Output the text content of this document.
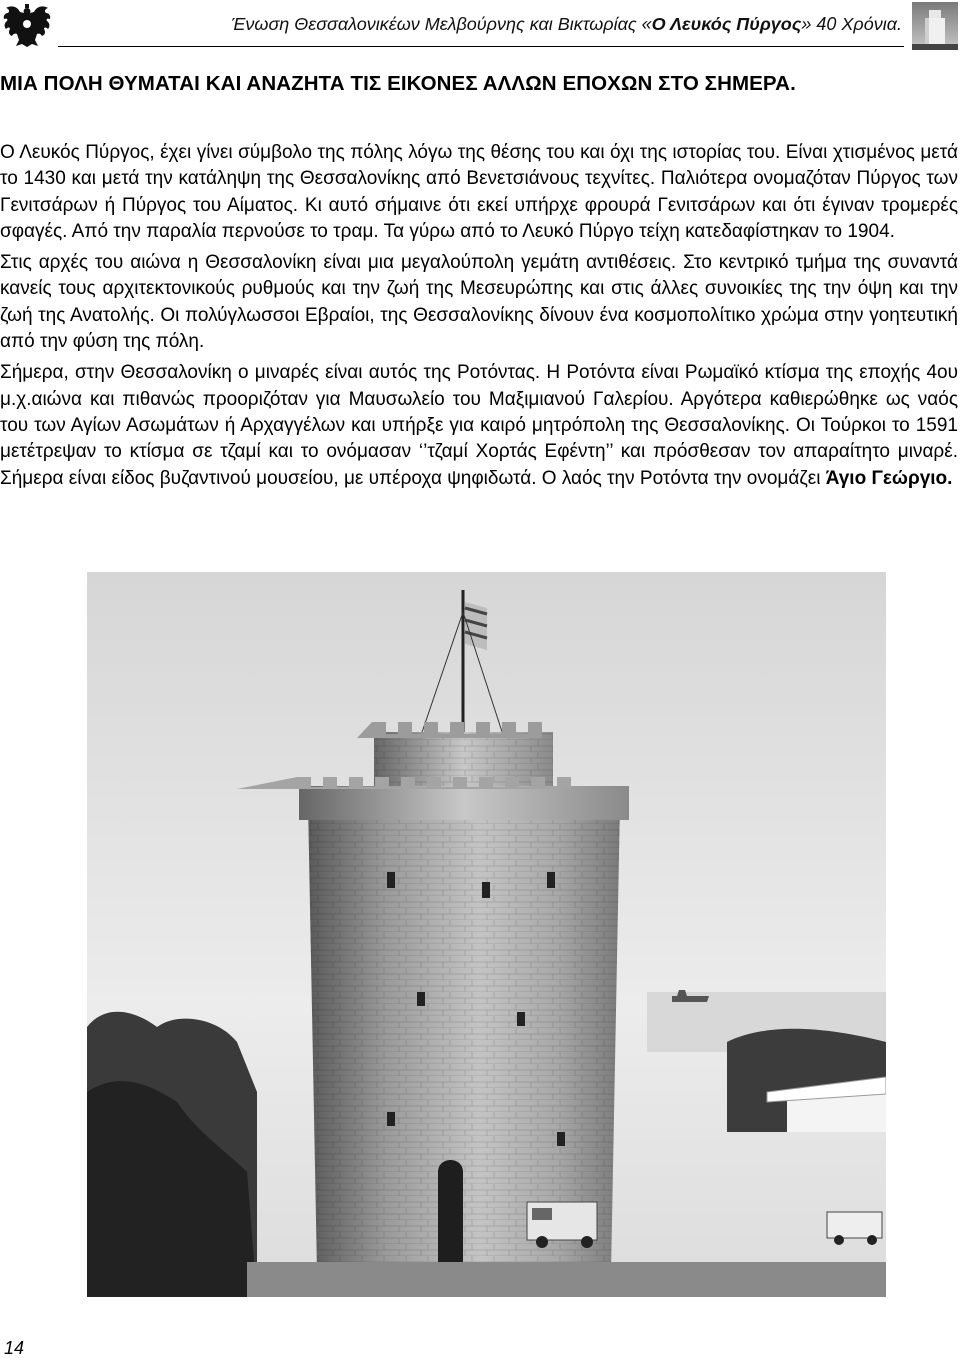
Ένωση Θεσσαλονικέων Μελβούρνης και Βικτωρίας «Ο Λευκός Πύργος» 40 Χρόνια.
ΜΙΑ ΠΟΛΗ ΘΥΜΑΤΑΙ ΚΑΙ ΑΝΑΖΗΤΑ ΤΙΣ ΕΙΚΟΝΕΣ ΑΛΛΩΝ ΕΠΟΧΩΝ ΣΤΟ ΣΗΜΕΡΑ.

Ο Λευκός Πύργος, έχει γίνει σύμβολο της πόλης λόγω της θέσης του και όχι της ιστορίας του. Είναι χτισμένος μετά το 1430 και μετά την κατάληψη της Θεσσαλονίκης από Βενετσιάνους τεχνίτες. Παλιότερα ονομαζόταν Πύργος των Γενιτσάρων ή Πύργος του Αίματος. Κι αυτό σήμαινε ότι εκεί υπήρχε φρουρά Γενιτσάρων και ότι έγιναν τρομερές σφαγές. Από την παραλία περνούσε το τραμ. Τα γύρω από το Λευκό Πύργο τείχη κατεδαφίστηκαν το 1904.

Στις αρχές του αιώνα η Θεσσαλονίκη είναι μια μεγαλούπολη γεμάτη αντιθέσεις. Στο κεντρικό τμήμα της συναντά κανείς τους αρχιτεκτονικούς ρυθμούς και την ζωή της Μεσευρώπης και στις άλλες συνοικίες της την όψη και την ζωή της Ανατολής. Οι πολύγλωσσοι Εβραίοι, της Θεσσαλονίκης δίνουν ένα κοσμοπολίτικο χρώμα στην γοητευτική από την φύση της πόλη.

Σήμερα, στην Θεσσαλονίκη ο μιναρές είναι αυτός της Ροτόντας. Η Ροτόντα είναι Ρωμαϊκό κτίσμα της εποχής 4ου μ.χ.αιώνα και πιθανώς προοριζόταν για Μαυσωλείο του Μαξιμιανού Γαλερίου. Αργότερα καθιερώθηκε ως ναός του των Αγίων Ασωμάτων ή Αρχαγγέλων και υπήρξε για καιρό μητρόπολη της Θεσσαλονίκης. Οι Τούρκοι το 1591 μετέτρεψαν το κτίσμα σε τζαμί και το ονόμασαν ‘’τζαμί Χορτάς Εφέντη’’ και πρόσθεσαν τον απαραίτητο μιναρέ. Σήμερα είναι είδος βυζαντινού μουσείου, με υπέροχα ψηφιδωτά. Ο λαός την Ροτόντα την ονομάζει Άγιο Γεώργιο.

14
